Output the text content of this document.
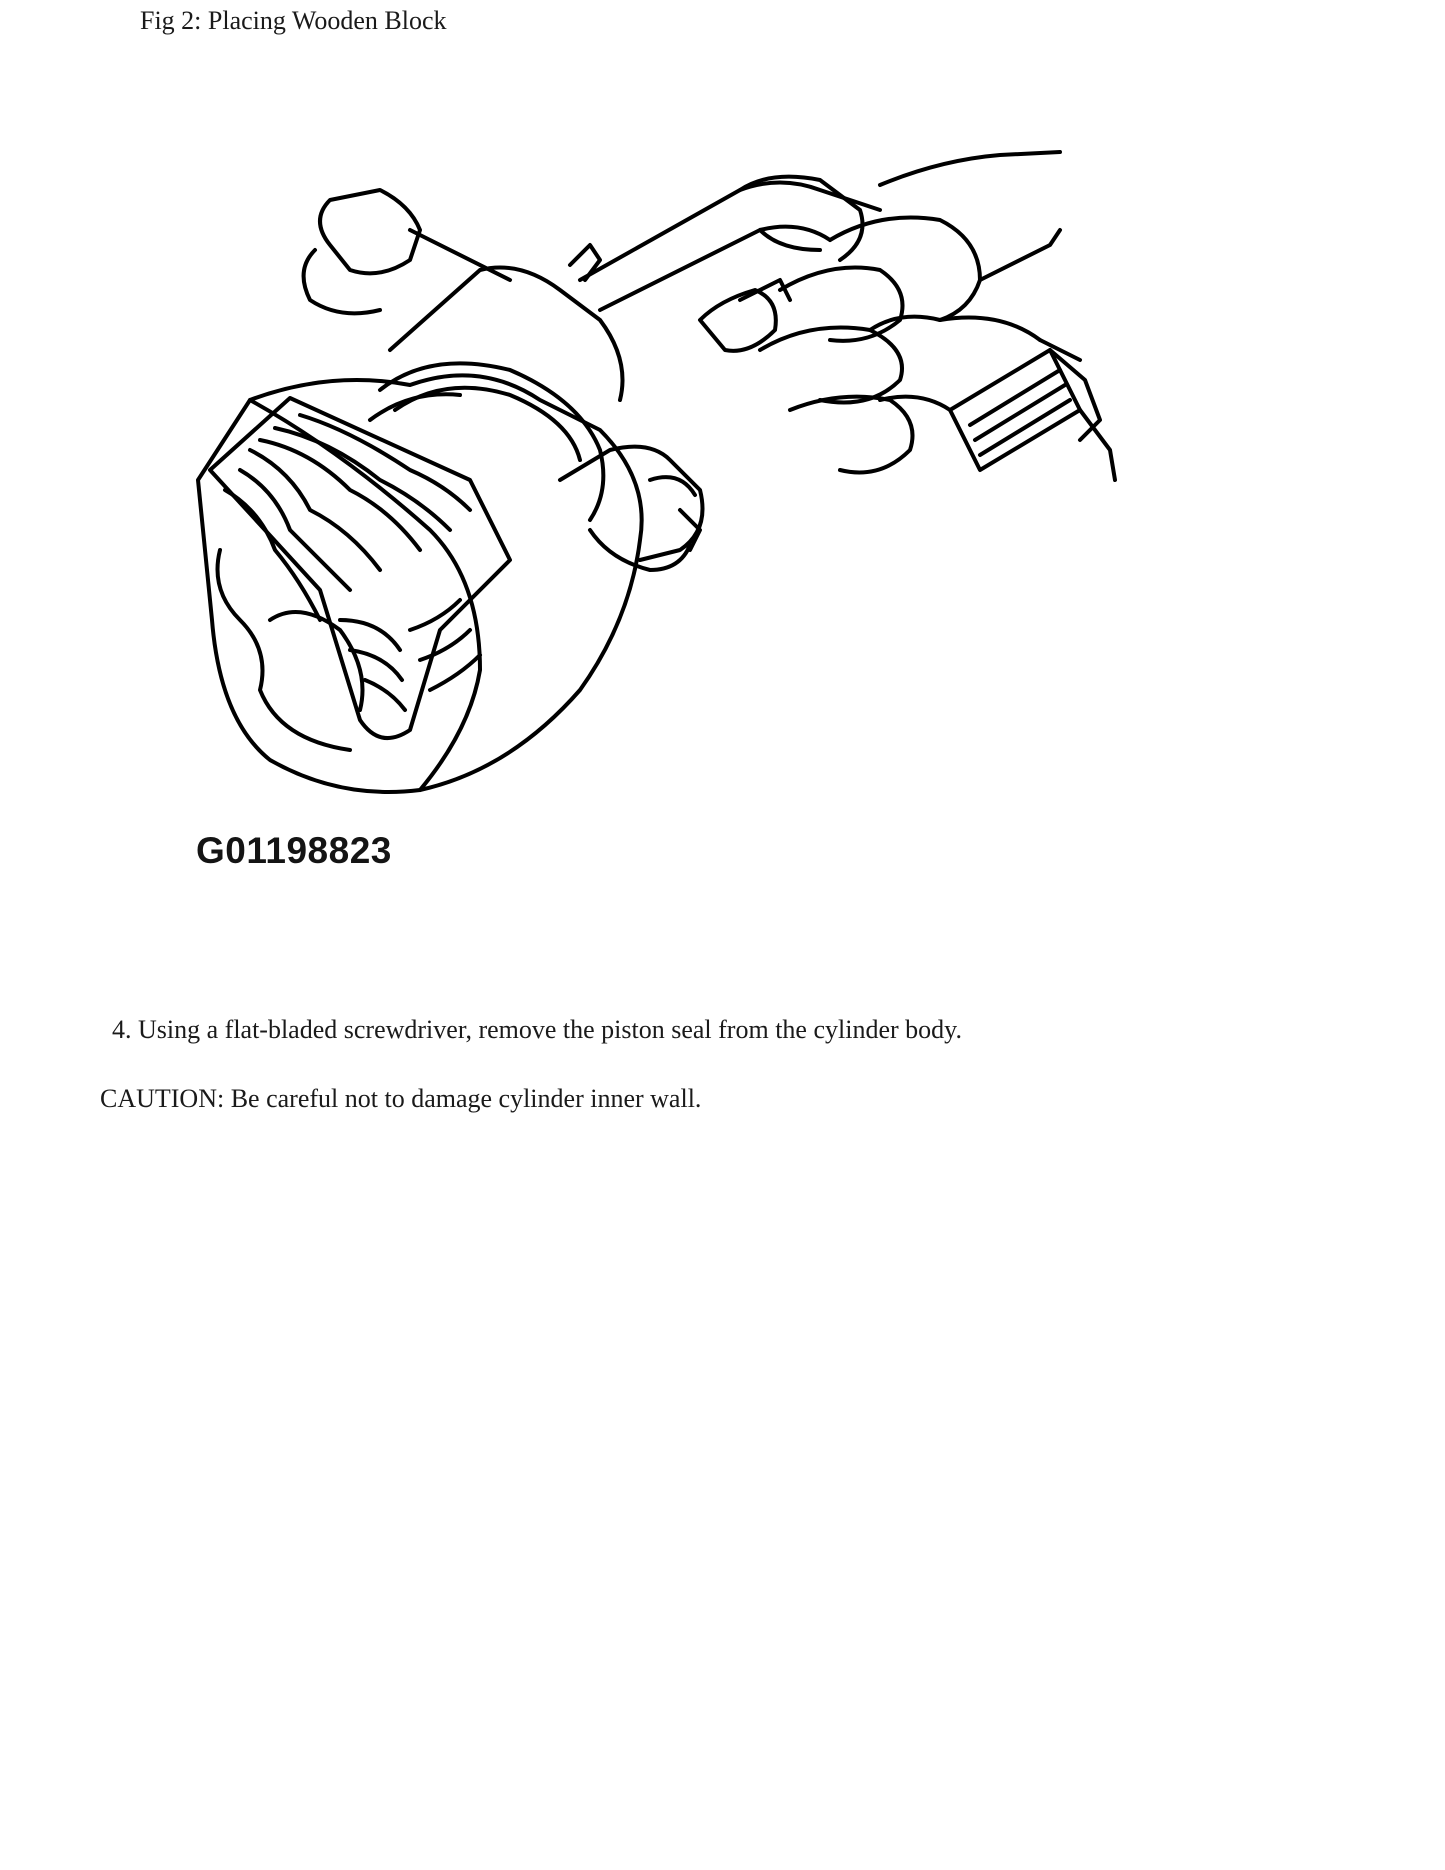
Fig 2: Placing Wooden Block
G01198823
4. Using a flat-bladed screwdriver, remove the piston seal from the cylinder body.
CAUTION: Be careful not to damage cylinder inner wall.
